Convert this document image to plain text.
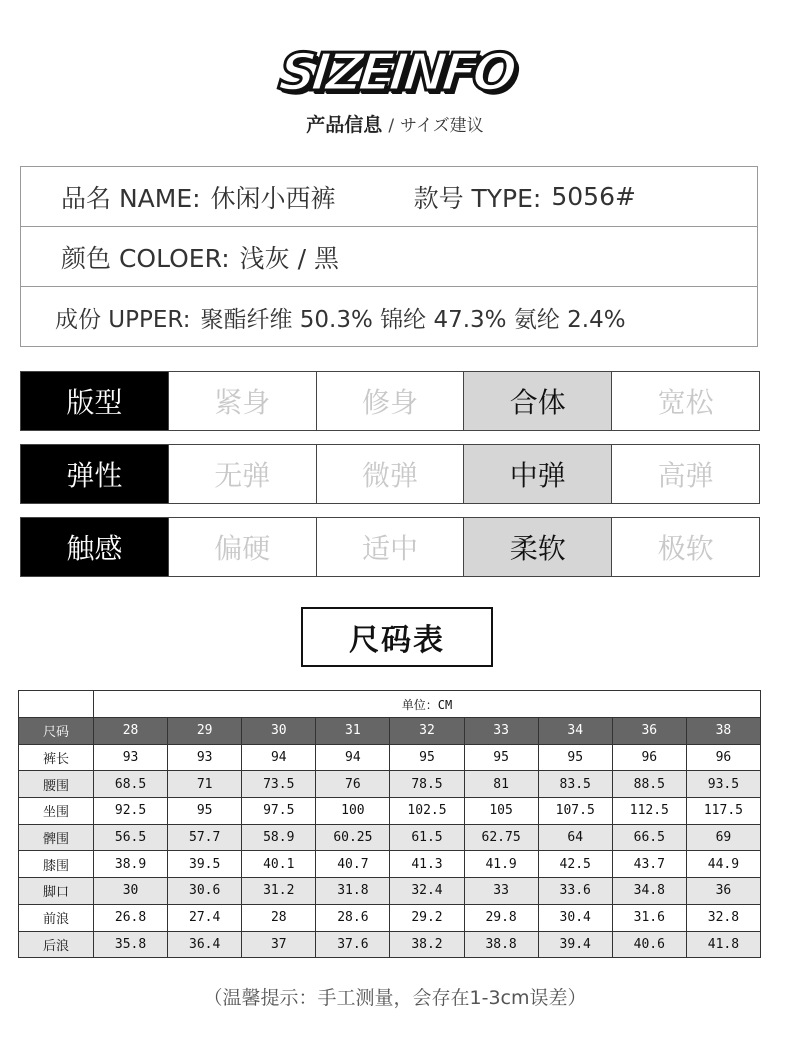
SIZEINFO
产品信息 / サイズ建议
品名 NAME: 休闲小西裤	款号 TYPE: 5056#
颜色 COLOER: 浅灰 / 黑
成份 UPPER: 聚酯纤维 50.3% 锦纶 47.3% 氨纶 2.4%
版型	紧身	修身	合体	宽松
弹性	无弹	微弹	中弹	高弹
触感	偏硬	适中	柔软	极软
尺码表
	单位：CM								
尺码	28	29	30	31	32	33	34	36	38
裤长	93	93	94	94	95	95	95	96	96
腰围	68.5	71	73.5	76	78.5	81	83.5	88.5	93.5
坐围	92.5	95	97.5	100	102.5	105	107.5	112.5	117.5
髀围	56.5	57.7	58.9	60.25	61.5	62.75	64	66.5	69
膝围	38.9	39.5	40.1	40.7	41.3	41.9	42.5	43.7	44.9
脚口	30	30.6	31.2	31.8	32.4	33	33.6	34.8	36
前浪	26.8	27.4	28	28.6	29.2	29.8	30.4	31.6	32.8
后浪	35.8	36.4	37	37.6	38.2	38.8	39.4	40.6	41.8
（温馨提示：手工测量，会存在1-3cm误差）
